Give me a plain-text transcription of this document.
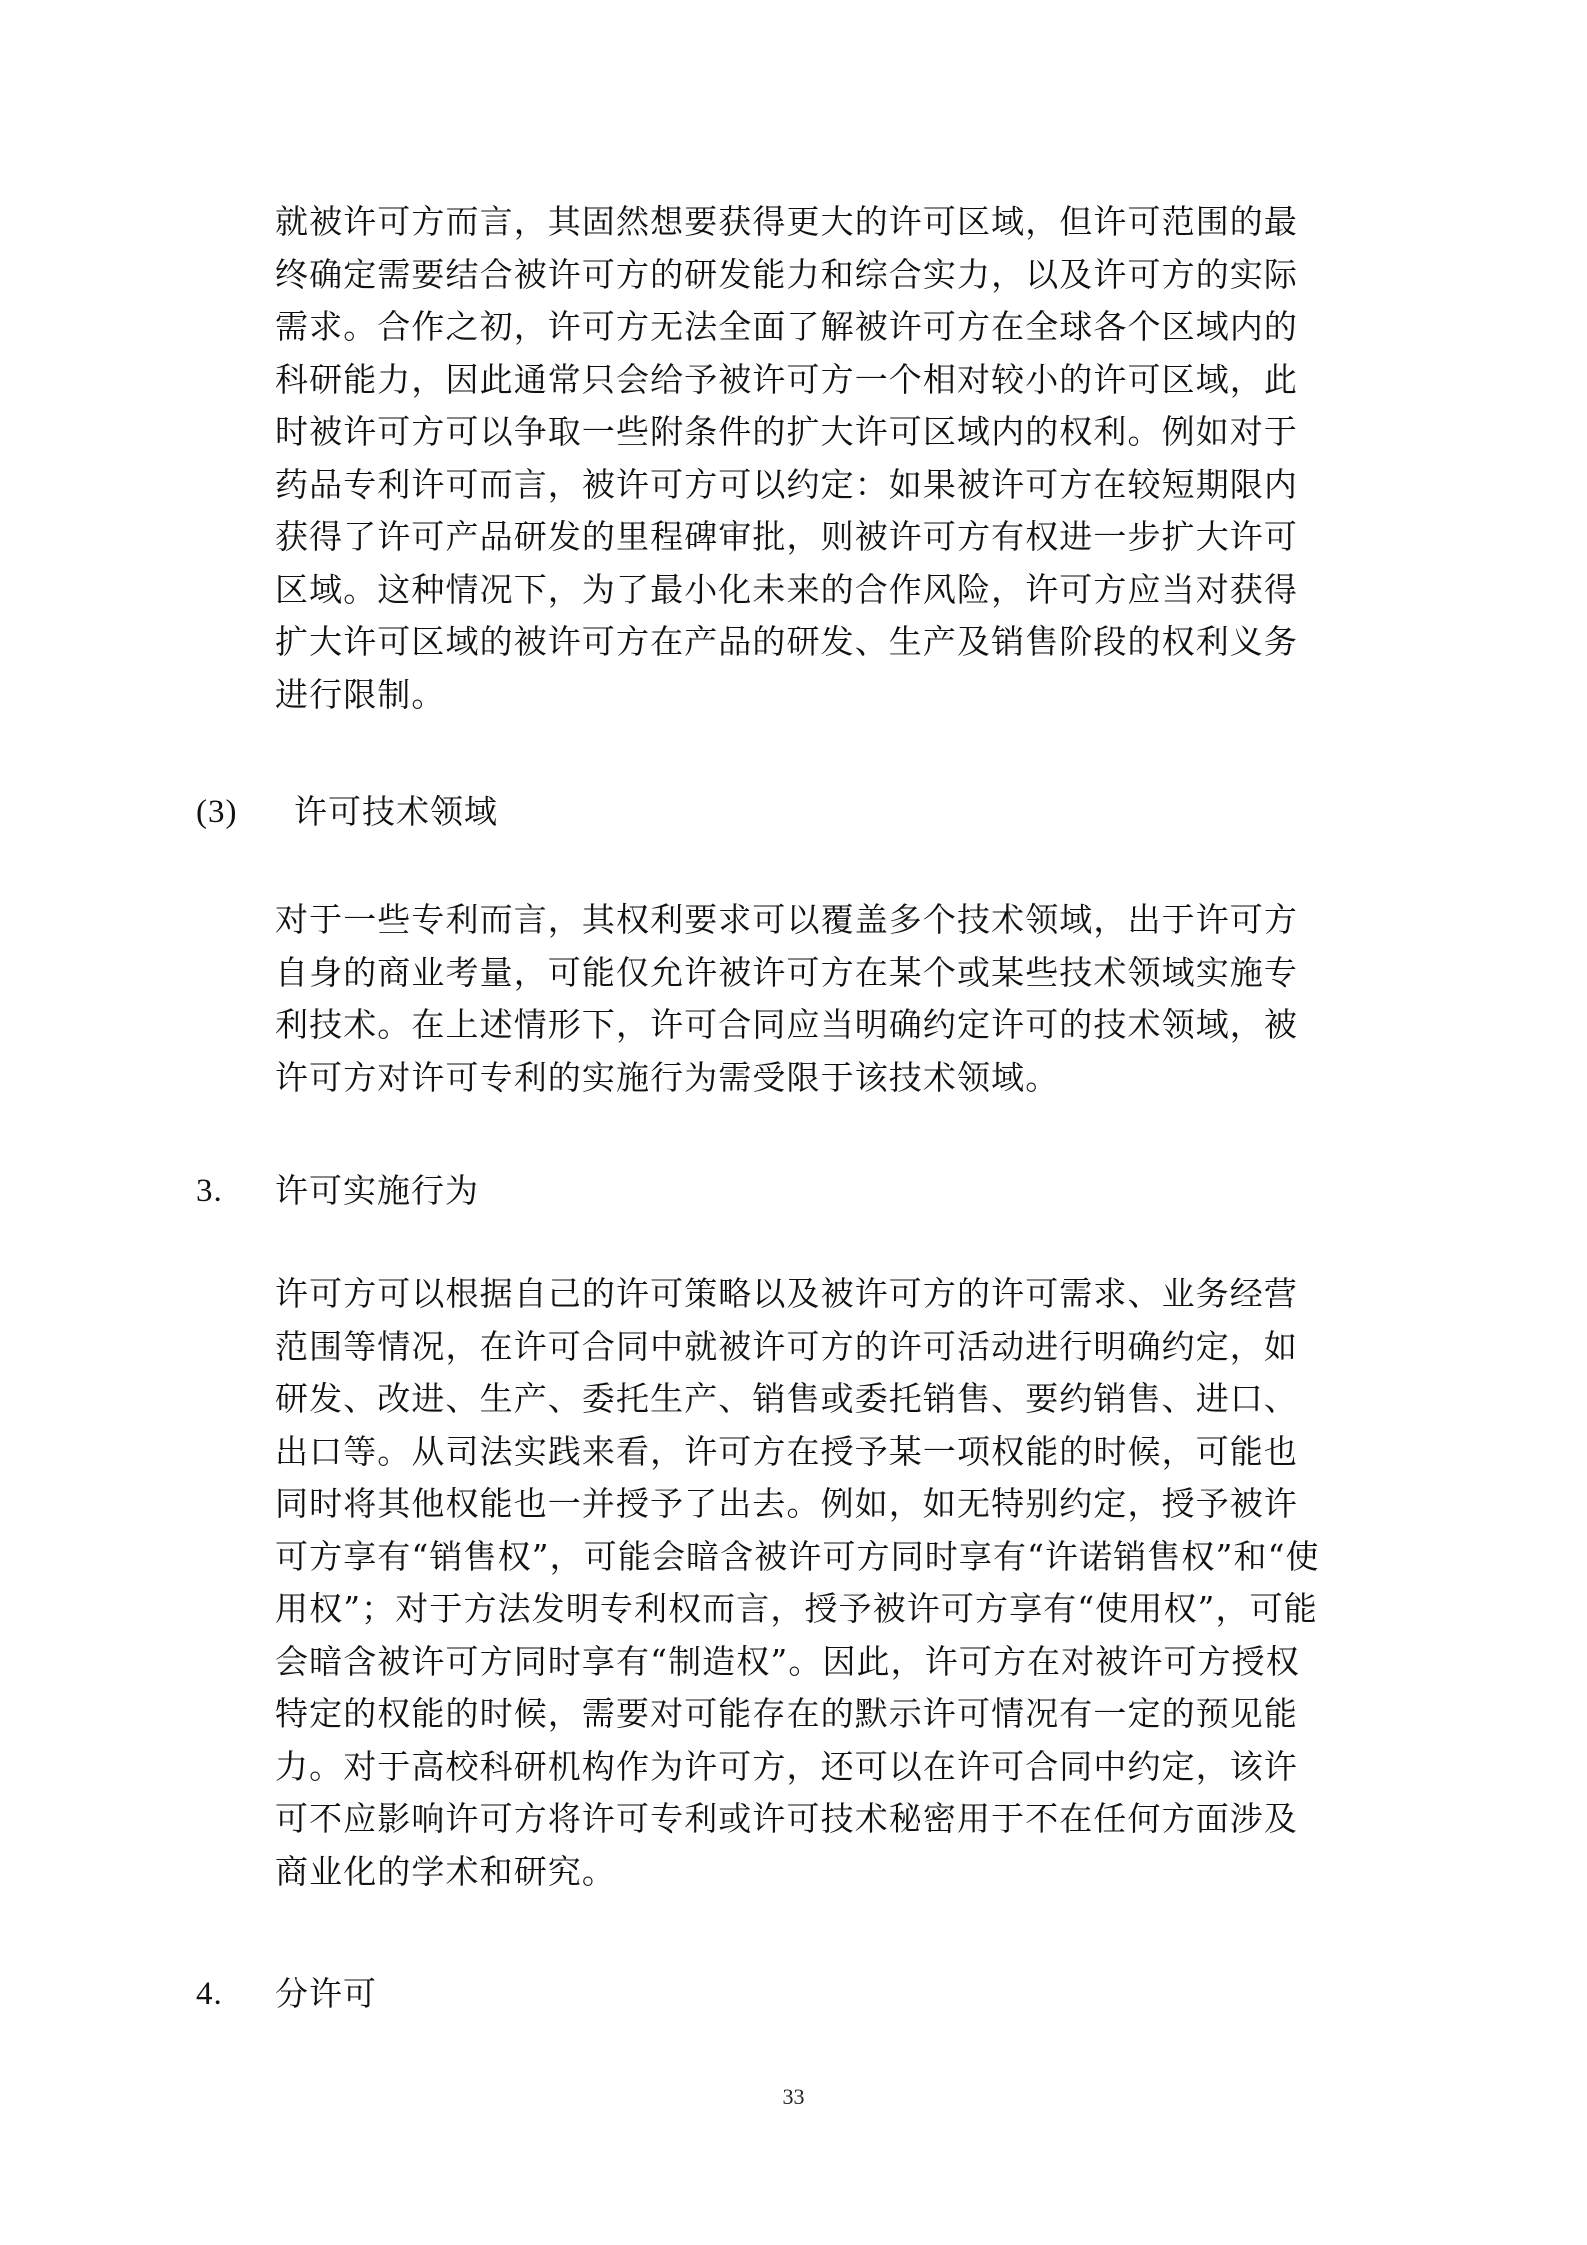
就被许可方而言，其固然想要获得更大的许可区域，但许可范围的最
终确定需要结合被许可方的研发能力和综合实力，以及许可方的实际
需求。合作之初，许可方无法全面了解被许可方在全球各个区域内的
科研能力，因此通常只会给予被许可方一个相对较小的许可区域，此
时被许可方可以争取一些附条件的扩大许可区域内的权利。例如对于
药品专利许可而言，被许可方可以约定：如果被许可方在较短期限内
获得了许可产品研发的里程碑审批，则被许可方有权进一步扩大许可
区域。这种情况下，为了最小化未来的合作风险，许可方应当对获得
扩大许可区域的被许可方在产品的研发、生产及销售阶段的权利义务
进行限制。
(3) 许可技术领域
对于一些专利而言，其权利要求可以覆盖多个技术领域，出于许可方
自身的商业考量，可能仅允许被许可方在某个或某些技术领域实施专
利技术。在上述情形下，许可合同应当明确约定许可的技术领域，被
许可方对许可专利的实施行为需受限于该技术领域。
3. 许可实施行为
许可方可以根据自己的许可策略以及被许可方的许可需求、业务经营
范围等情况，在许可合同中就被许可方的许可活动进行明确约定，如
研发、改进、生产、委托生产、销售或委托销售、要约销售、进口、
出口等。从司法实践来看，许可方在授予某一项权能的时候，可能也
同时将其他权能也一并授予了出去。例如，如无特别约定，授予被许
可方享有“销售权”，可能会暗含被许可方同时享有“许诺销售权”和“使
用权”；对于方法发明专利权而言，授予被许可方享有“使用权”，可能
会暗含被许可方同时享有“制造权”。因此，许可方在对被许可方授权
特定的权能的时候，需要对可能存在的默示许可情况有一定的预见能
力。对于高校科研机构作为许可方，还可以在许可合同中约定，该许
可不应影响许可方将许可专利或许可技术秘密用于不在任何方面涉及
商业化的学术和研究。
4. 分许可
33
